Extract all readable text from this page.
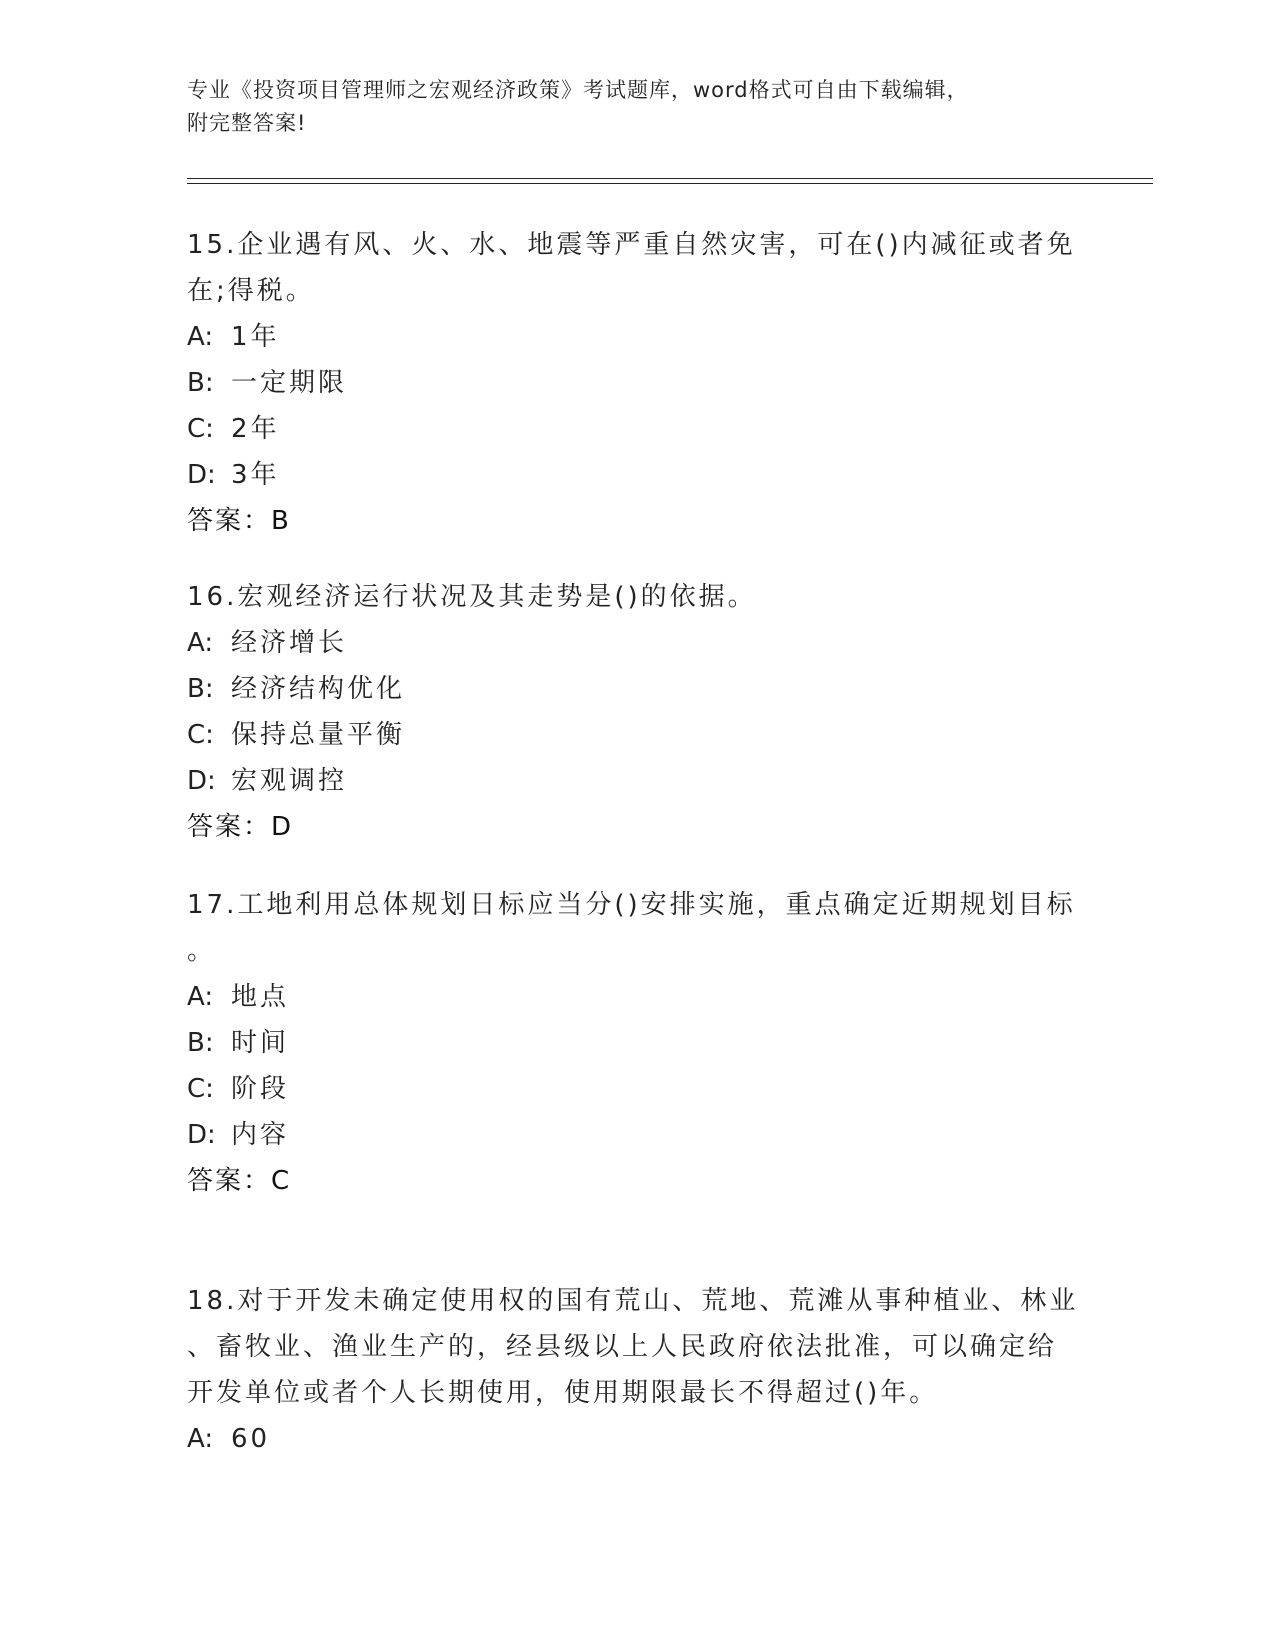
专业《投资项目管理师之宏观经济政策》考试题库，word格式可自由下载编辑，
附完整答案!
15.企业遇有风、火、水、地震等严重自然灾害，可在()内减征或者免
在;得税。
A: 1年
B: 一定期限
C: 2年
D: 3年
答案：B
16.宏观经济运行状况及其走势是()的依据。
A: 经济增长
B: 经济结构优化
C: 保持总量平衡
D: 宏观调控
答案：D
17.工地利用总体规划日标应当分()安排实施，重点确定近期规划目标
。
A: 地点
B: 时间
C: 阶段
D: 内容
答案：C
18.对于开发未确定使用权的国有荒山、荒地、荒滩从事种植业、林业
、畜牧业、渔业生产的，经县级以上人民政府依法批准，可以确定给
开发单位或者个人长期使用，使用期限最长不得超过()年。
A: 60
